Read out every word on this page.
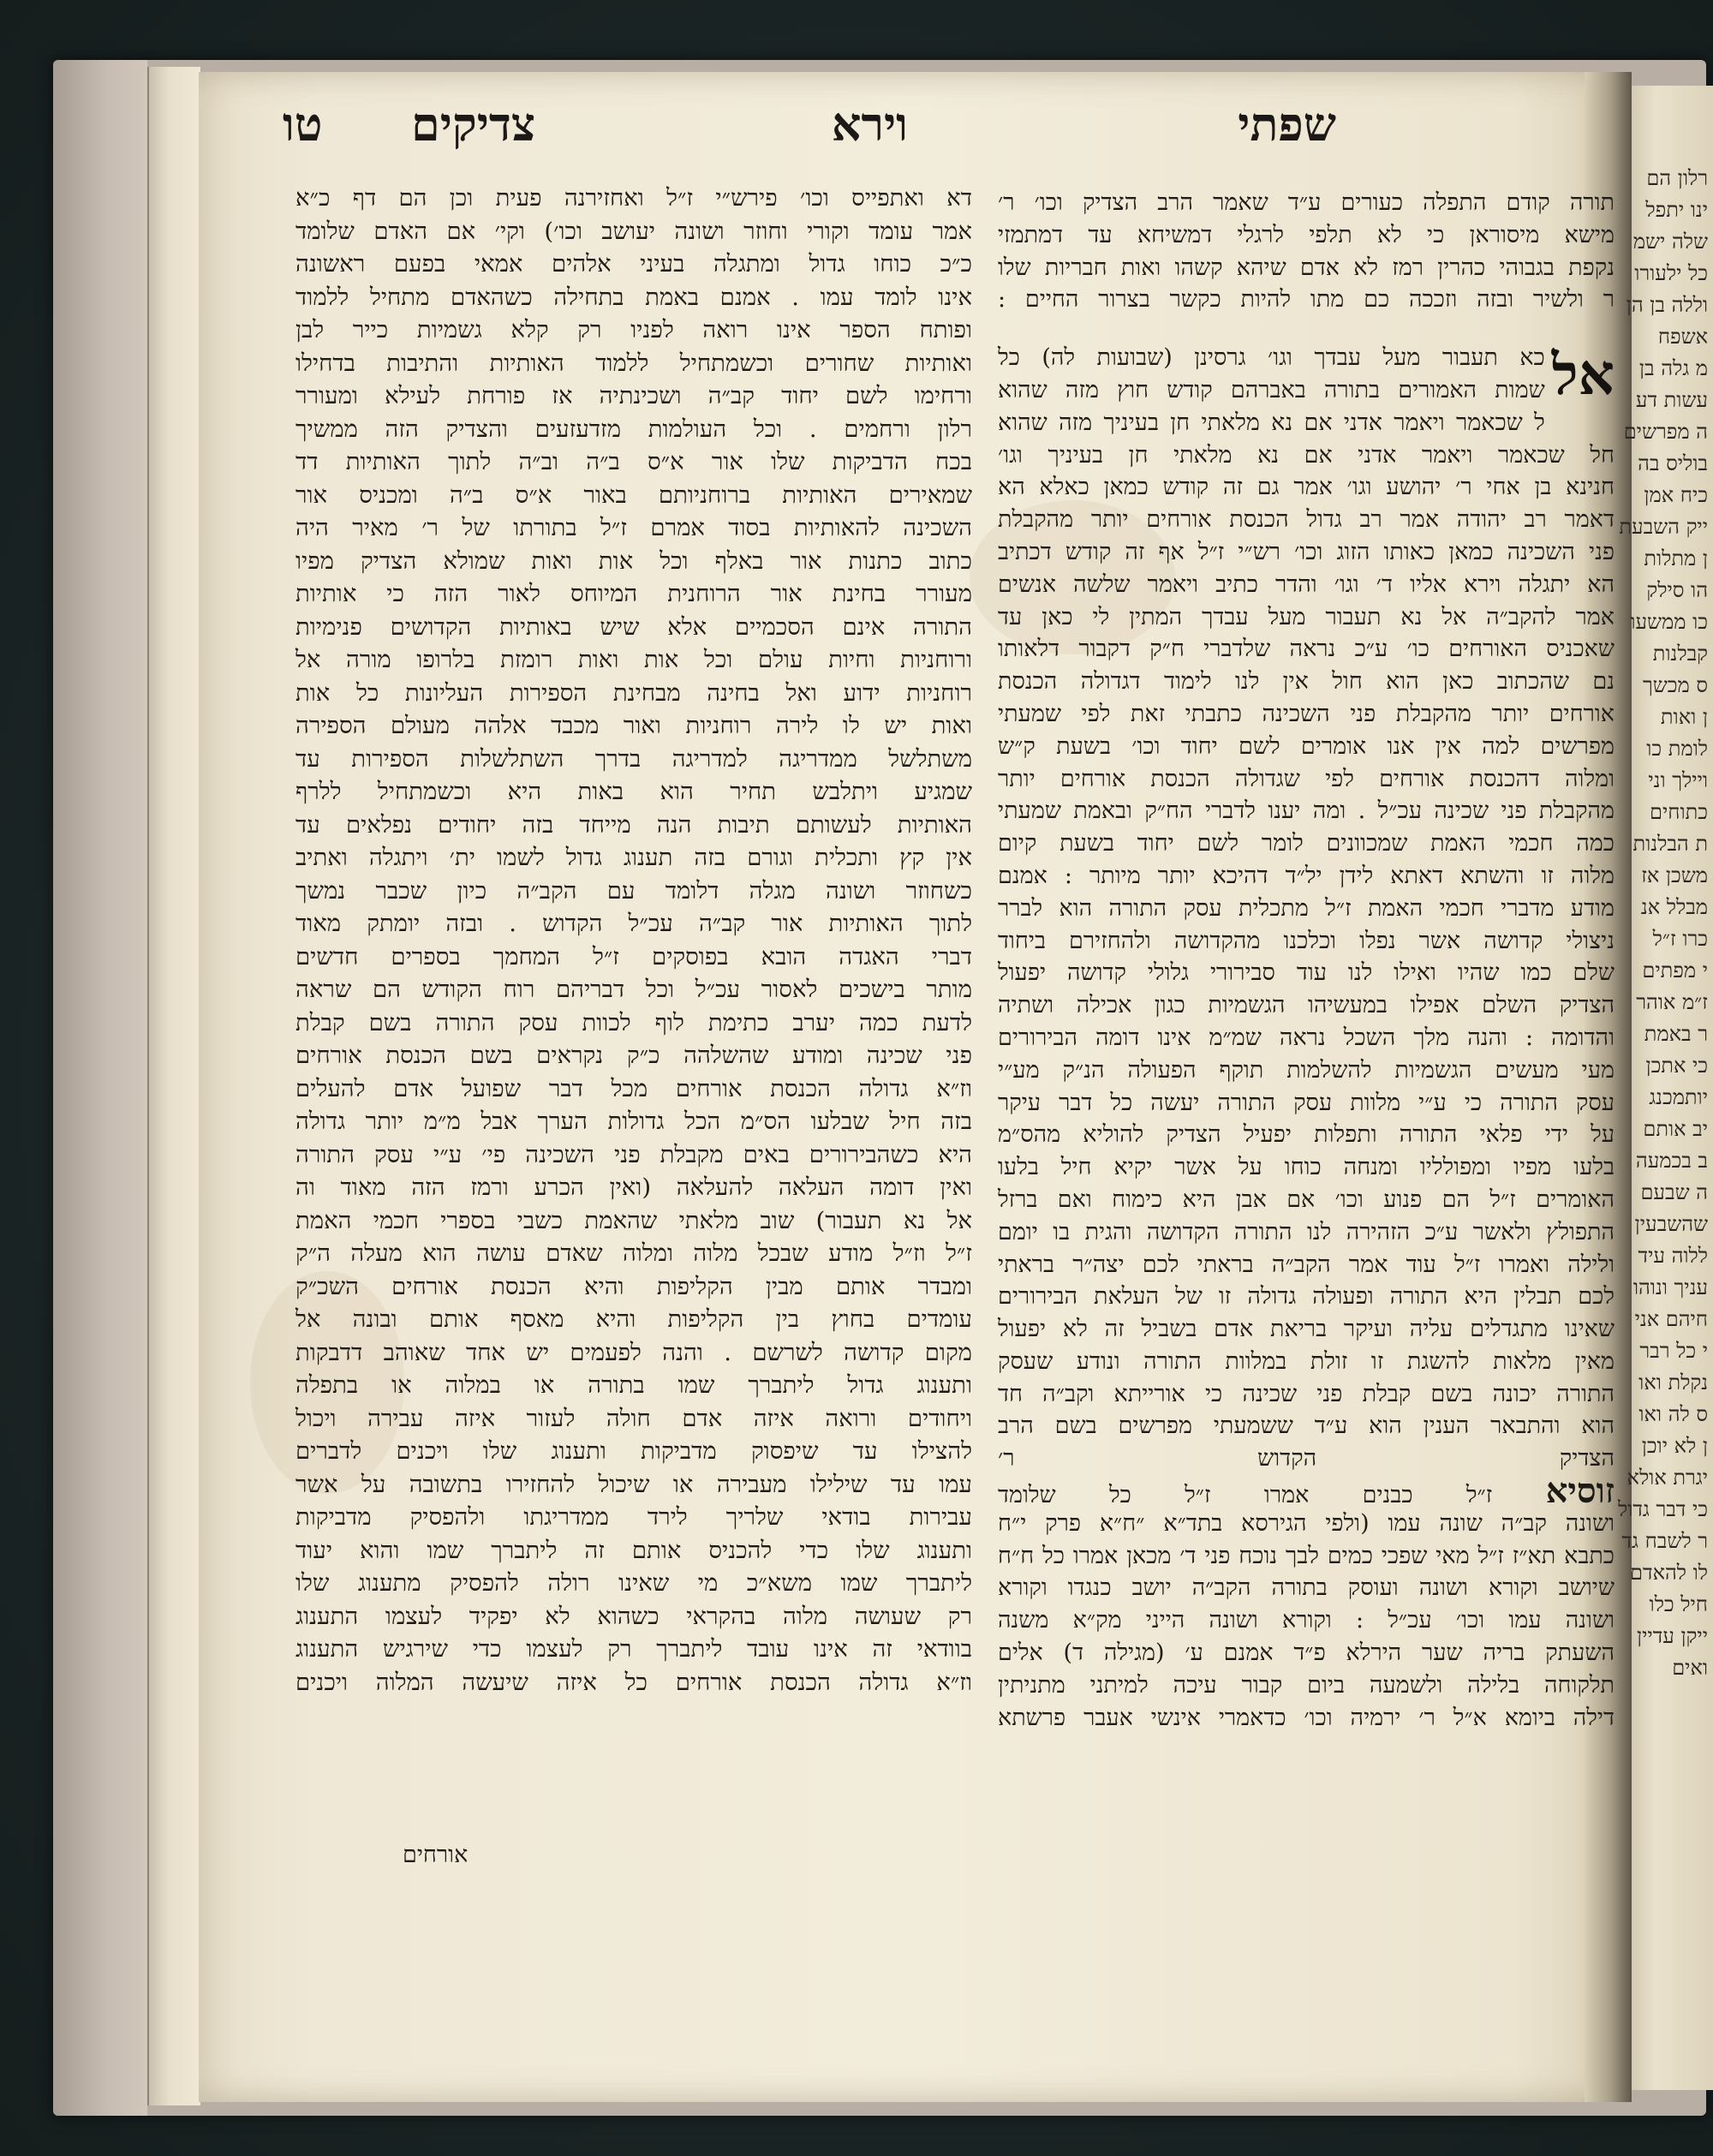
רלון הם
ינו יתפל
שלה ישמ
כל ילעורו
וללה בן הן
אשפח
מ גלה בן
עשות דע
ה מפרשים
בוליס בה
כיח אמן
ייק השבעת
ן מתלות
הו סילק
כו ממשעו
קבלנות
ס מכשך
ן ואות
לומת כו
ויילך וני
כתוחים
ת הבלנות
משכן אז
מבלל אנ
כרו ז״ל
י מפתים
ז״מ אוהר
ר באמת
כי אתכן
יותמכנג
יב אותם
ב בכמעה
ה שבעם
שהשבעין
ללוה עיד
עניך ונוהו
חיהם אני
י כל רבר
נקלת ואו
ס לה ואו
ן לא יוכן
יגרת אולא
כי דבר גדול
ר לשבח גד
לו להאדם
חיל כלו
ייקן עדיין
ואים
שפתי
וירא
צדיקים
טו
תורה קודם התפלה כעורים ע״ד שאמר הרב הצדיק וכו׳ ר׳
מישא מיסוראן כי לא תלפי לרגלי דמשיחא עד דמתמזי
נקפת בגבוהי כהרין רמז לא אדם שיהא קשהו ואות חבריות שלו
ר ולשיר ובזה וזככה כם מתו להיות כקשר בצרור החיים :
אל
כא תעבור מעל עבדך וגו׳ גרסינן (שבועות לה) כל
שמות האמורים בתורה באברהם קודש חוץ מזה שהוא
ל שכאמר ויאמר אדני אם נא מלאתי חן בעיניך מזה שהוא
חל שכאמר ויאמר אדני אם נא מלאתי חן בעיניך וגו׳
חנינא בן אחי ר׳ יהושע וגו׳ אמר גם זה קודש כמאן כאלא הא
דאמר רב יהודה אמר רב גדול הכנסת אורחים יותר מהקבלת
פני השכינה כמאן כאותו הזוג וכו׳ רש״י ז״ל אף זה קודש דכתיב
הא יתגלה וירא אליו ד׳ וגו׳ והדר כתיב ויאמר שלשה אנשים
אמר להקב״ה אל נא תעבור מעל עבדך המתין לי כאן עד
שאכניס האורחים כו׳ ע״כ נראה שלדברי ח״ק דקבור דלאותו
נם שהכתוב כאן הוא חול אין לנו לימוד דגדולה הכנסת
אורחים יותר מהקבלת פני השכינה כתבתי זאת לפי שמעתי
מפרשים למה אין אנו אומרים לשם יחוד וכו׳ בשעת ק״ש
ומלוה דהכנסת אורחים לפי שגדולה הכנסת אורחים יותר
מהקבלת פני שכינה עכ״ל . ומה יענו לדברי הח״ק ובאמת שמעתי
כמה חכמי האמת שמכוונים לומר לשם יחוד בשעת קיום
מלוה זו והשתא דאתא לידן יל״ד דהיכא יותר מיותר : אמנם
מודע מדברי חכמי האמת ז״ל מתכלית עסק התורה הוא לברר
ניצולי קדושה אשר נפלו וכלכנו מהקדושה ולהחזירם ביחוד
שלם כמו שהיו ואילו לנו עוד סבירורי גלולי קדושה יפעול
הצדיק השלם אפילו במעשיהו הגשמיות כגון אכילה ושתיה
והדומה : והנה מלך השכל נראה שמ״מ אינו דומה הבירורים
מעי מעשים הגשמיות להשלמות תוקף הפעולה הנ״ק מע״י
עסק התורה כי ע״י מלוות עסק התורה יעשה כל דבר עיקר
על ידי פלאי התורה ותפלות יפעיל הצדיק להוליא מהס״מ
בלעו מפיו ומפולליו ומנחה כוחו על אשר יקיא חיל בלעו
האומרים ז״ל הם פנוע וכו׳ אם אבן היא כימוח ואם ברזל
התפולץ ולאשר ע״כ הזהירה לנו התורה הקדושה והגית בו יומם
ולילה ואמרו ז״ל עוד אמר הקב״ה בראתי לכם יצה״ר בראתי
לכם תבלין היא התורה ופעולה גדולה זו של העלאת הבירורים
שאינו מתגדלים עליה ועיקר בריאת אדם בשביל זה לא יפעול
מאין מלאות להשגת זו זולת במלוות התורה ונודע שעסק
התורה יכונה בשם קבלת פני שכינה כי אורייתא וקב״ה חד
הוא והתבאר הענין הוא ע״ד ששמעתי מפרשים בשם הרב
הצדיק הקדוש ר׳
זוסיא ז״ל כבנים אמרו ז״ל כל שלומד
ושונה קב״ה שונה עמו (ולפי הגירסא בתד״א ״ח״א פרק י״ח
כתבא תא״ז ז״ל מאי שפכי כמים לבך נוכח פני ד׳ מכאן אמרו כל ח״ח
שיושב וקורא ושונה ועוסק בתורה הקב״ה יושב כנגדו וקורא
ושונה עמו וכו׳ עכ״ל : וקורא ושונה הייני מק״א משנה
השעתק בריה שער הירלא פ״ד אמנם ע׳ (מגילה ד) אלים
תלקוחה בלילה ולשמעה ביום קבור עיכה למיתני מתניתין
דילה ביומא א״ל ר׳ ירמיה וכו׳ כדאמרי אינשי אעבר פרשתא
דא ואתפייס וכו׳ פירש״י ז״ל ואחזירנה פעית וכן הם דף כ״א
אמר עומד וקורי וחוזר ושונה יעושב וכו׳) וקי׳ אם האדם שלומד
כ״כ כוחו גדול ומתגלה בעיני אלהים אמאי בפעם ראשונה
אינו לומד עמו . אמנם באמת בתחילה כשהאדם מתחיל ללמוד
ופותח הספר אינו רואה לפניו רק קלא גשמיות כייר לבן
ואותיות שחורים וכשמתחיל ללמוד האותיות והתיבות בדחילו
ורחימו לשם יחוד קב״ה ושכינתיה אז פורחת לעילא ומעורר
רלון ורחמים . וכל העולמות מזדעזעים והצדיק הזה ממשיך
בכח הדביקות שלו אור א״ס ב״ה וב״ה לתוך האותיות דד
שמאירים האותיות ברוחניותם באור א״ס ב״ה ומכניס אור
השכינה להאותיות בסוד אמרם ז״ל בתורתו של ר׳ מאיר היה
כתוב כתנות אור באלף וכל אות ואות שמולא הצדיק מפיו
מעורר בחינת אור הרוחנית המיוחס לאור הזה כי אותיות
התורה אינם הסכמיים אלא שיש באותיות הקדושים פנימיות
ורוחניות וחיות עולם וכל אות ואות רומזת בלרופו מורה אל
רוחניות ידוע ואל בחינה מבחינת הספירות העליונות כל אות
ואות יש לו לירה רוחניות ואור מכבד אלהה מעולם הספירה
משתלשל ממדריגה למדריגה בדרך השתלשלות הספירות עד
שמגיע ויתלבש תחיר הוא באות היא וכשמתחיל ללרף
האותיות לעשותם תיבות הנה מייחד בזה יחודים נפלאים עד
אין קץ ותכלית וגורם בזה תענוג גדול לשמו ית׳ ויתגלה ואתיב
כשחוזר ושונה מגלה דלומד עם הקב״ה כיון שכבר נמשך
לתוך האותיות אור קב״ה עכ״ל הקדוש . ובזה יומתק מאוד
דברי האגדה הובא בפוסקים ז״ל המחמך בספרים חדשים
מותר בישכים לאסור עכ״ל וכל דבריהם רוח הקודש הם שראה
לדעת כמה יערב כתימת לוף לכוות עסק התורה בשם קבלת
פני שכינה ומודע שהשלהה כ״ק נקראים בשם הכנסת אורחים
וז״א גדולה הכנסת אורחים מכל דבר שפועל אדם להעלים
בזה חיל שבלעו הס״מ הכל גדולות הערך אבל מ״מ יותר גדולה
היא כשהבירורים באים מקבלת פני השכינה פי׳ ע״י עסק התורה
ואין דומה העלאה להעלאה (ואין הכרע ורמז הזה מאוד וה
אל נא תעבור) שוב מלאתי שהאמת כשבי בספרי חכמי האמת
ז״ל וז״ל מודע שבכל מלוה ומלוה שאדם עושה הוא מעלה ה״ק
ומבדר אותם מבין הקליפות והיא הכנסת אורחים השכ״ק
עומדים בחוץ בין הקליפות והיא מאסף אותם ובונה אל
מקום קדושה לשרשם . והנה לפעמים יש אחד שאוהב דדבקות
ותענוג גדול ליתברך שמו בתורה או במלוה או בתפלה
ויחודים ורואה איזה אדם חולה לעזור איזה עבירה ויכול
להצילו עד שיפסוק מדביקות ותענוג שלו ויכנים לדברים
עמו עד שילילו מעבירה או שיכול להחזירו בתשובה על אשר
עבירות בודאי שלריך לירד ממדריגתו ולהפסיק מדביקות
ותענוג שלו כדי להכניס אותם זה ליתברך שמו והוא יעוד
ליתברך שמו משא״כ מי שאינו רולה להפסיק מתענוג שלו
רק שעושה מלוה בהקראי כשהוא לא יפקיד לעצמו התענוג
בוודאי זה אינו עובד ליתברך רק לעצמו כדי שירגיש התענוג
וז״א גדולה הכנסת אורחים כל איזה שיעשה המלוה ויכנים
אורחים
